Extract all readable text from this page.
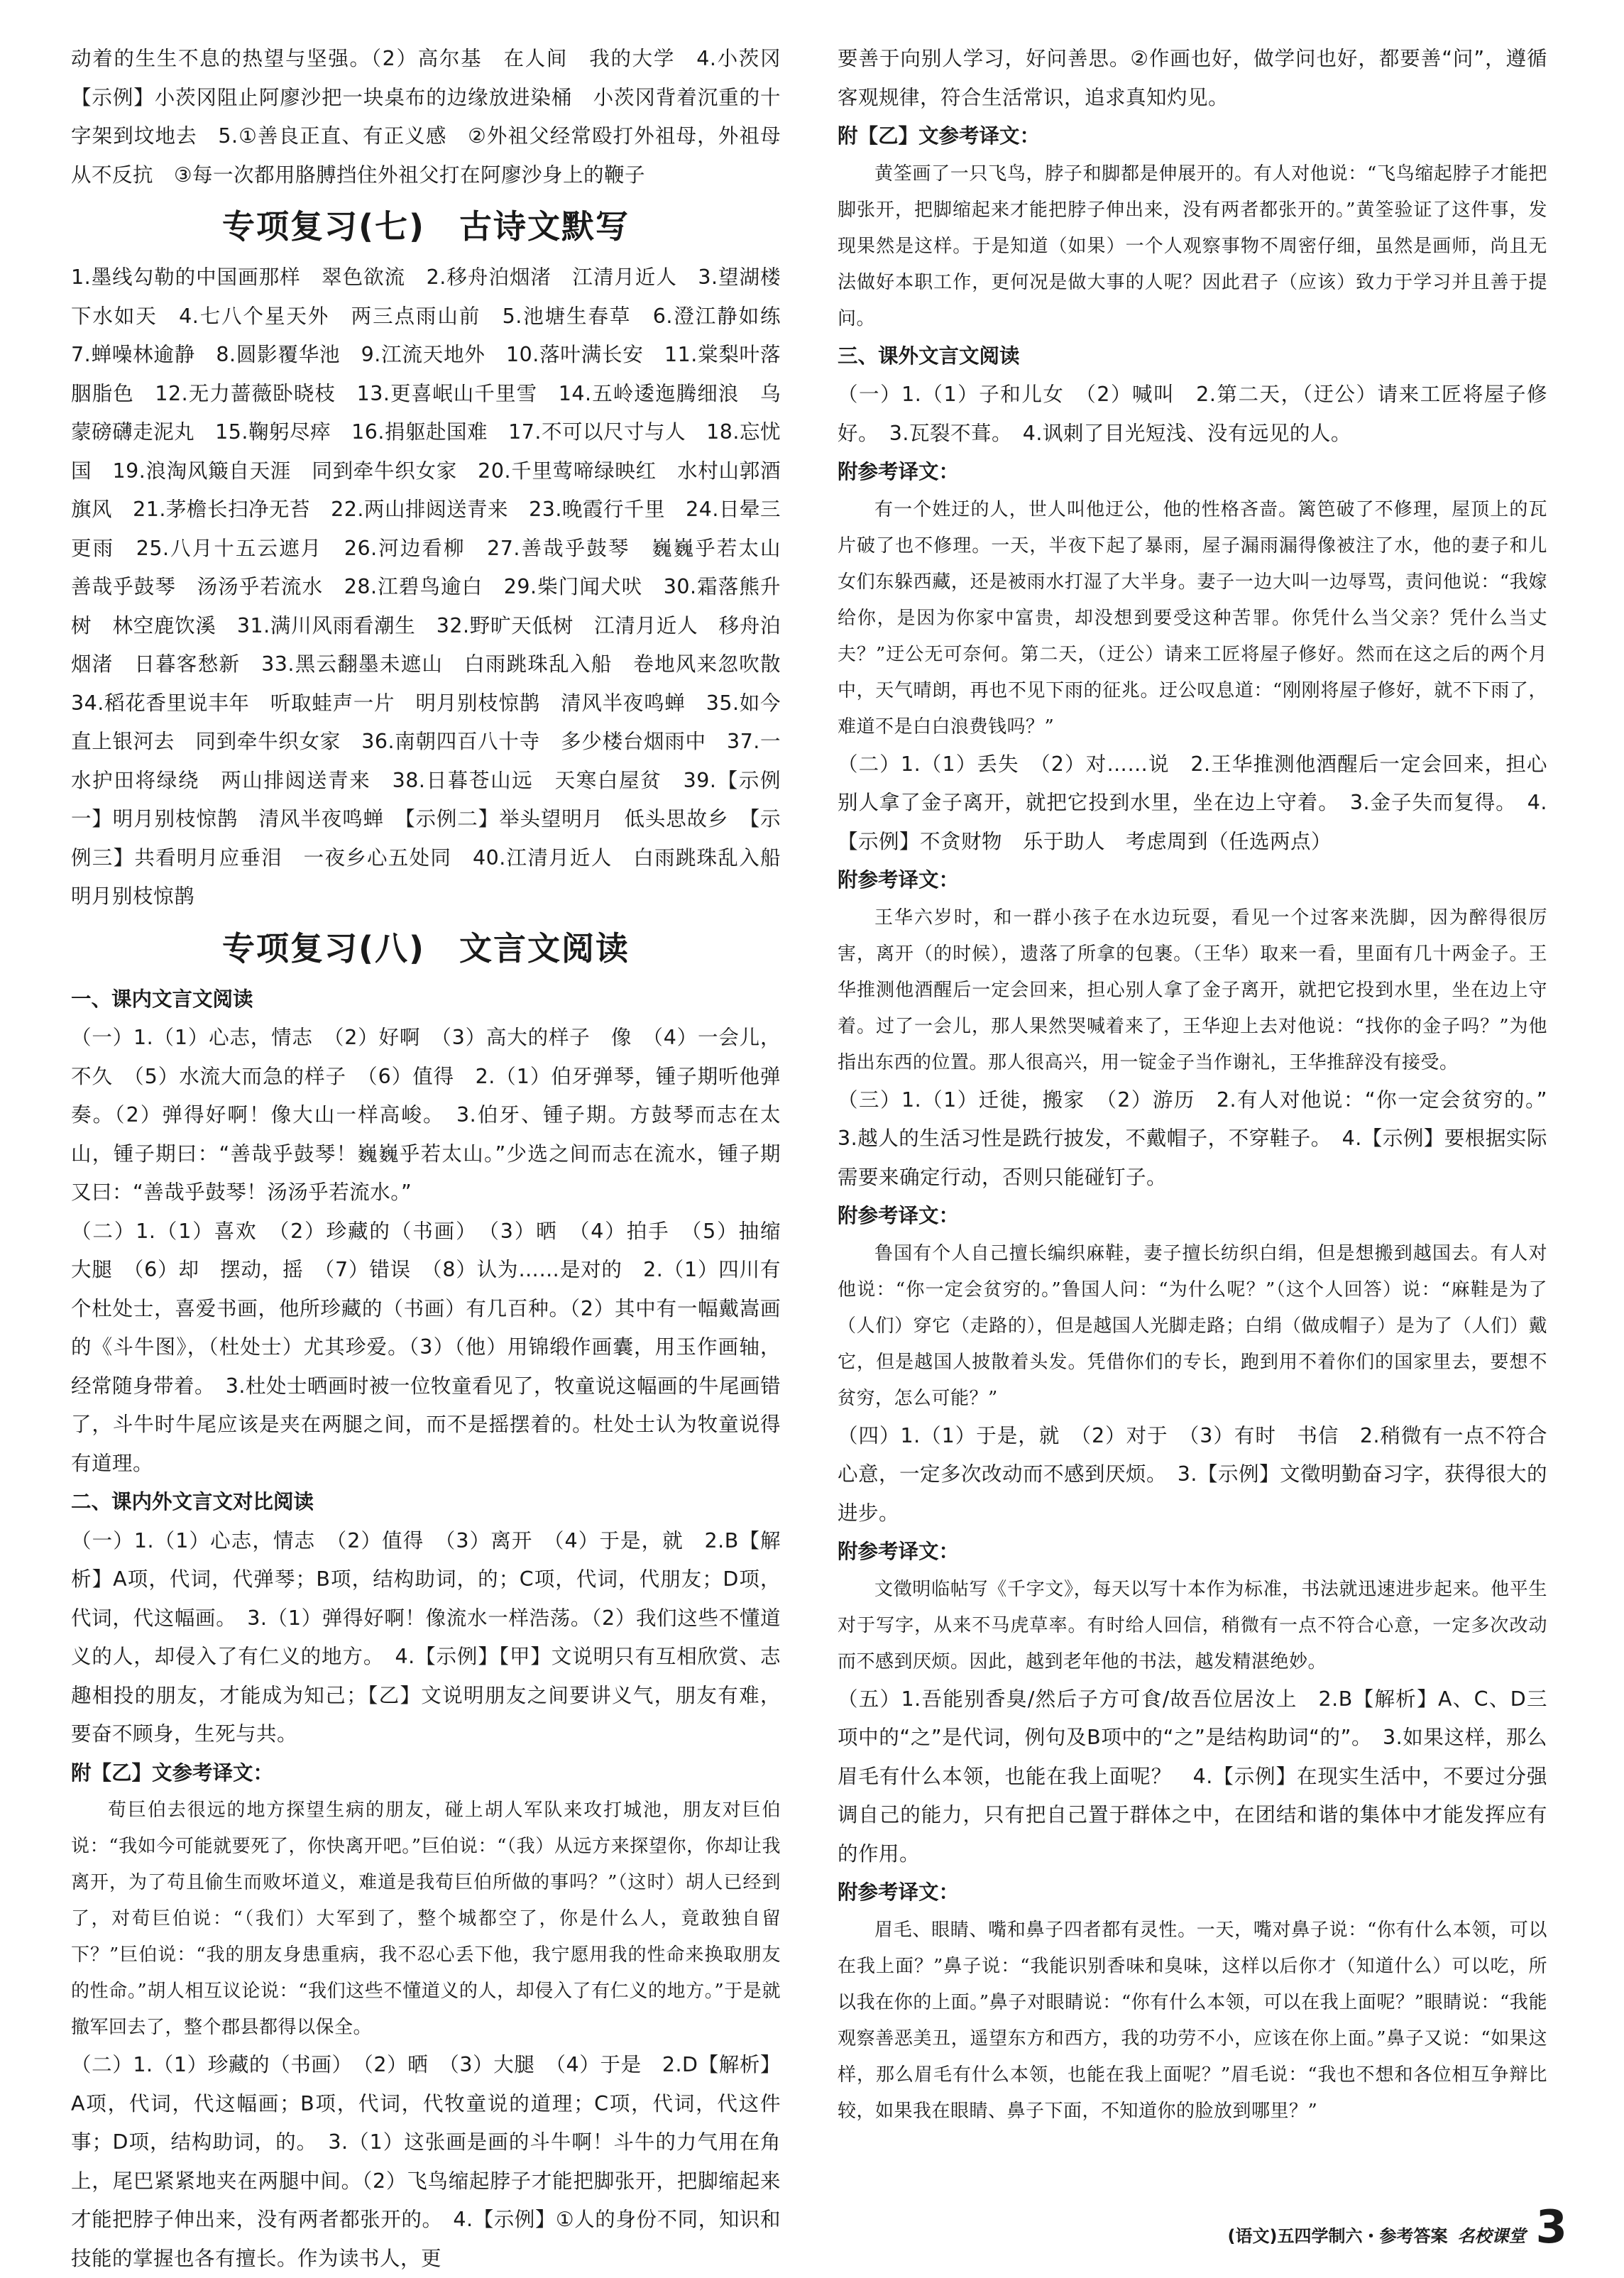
动着的生生不息的热望与坚强。（2）高尔基　在人间　我的大学　4.小茨冈　【示例】小茨冈阻止阿廖沙把一块桌布的边缘放进染桶　小茨冈背着沉重的十字架到坟地去　5.①善良正直、有正义感　②外祖父经常殴打外祖母，外祖母从不反抗　③每一次都用胳膊挡住外祖父打在阿廖沙身上的鞭子

专项复习(七)　古诗文默写

1.墨线勾勒的中国画那样　翠色欲流　2.移舟泊烟渚　江清月近人　3.望湖楼下水如天　4.七八个星天外　两三点雨山前　5.池塘生春草　6.澄江静如练　7.蝉噪林逾静　8.圆影覆华池　9.江流天地外　10.落叶满长安　11.棠梨叶落胭脂色　12.无力蔷薇卧晓枝　13.更喜岷山千里雪　14.五岭逶迤腾细浪　乌蒙磅礴走泥丸　15.鞠躬尽瘁　16.捐躯赴国难　17.不可以尺寸与人　18.忘忧国　19.浪淘风簸自天涯　同到牵牛织女家　20.千里莺啼绿映红　水村山郭酒旗风　21.茅檐长扫净无苔　22.两山排闼送青来　23.晚霞行千里　24.日晕三更雨　25.八月十五云遮月　26.河边看柳　27.善哉乎鼓琴　巍巍乎若太山　善哉乎鼓琴　汤汤乎若流水　28.江碧鸟逾白　29.柴门闻犬吠　30.霜落熊升树　林空鹿饮溪　31.满川风雨看潮生　32.野旷天低树　江清月近人　移舟泊烟渚　日暮客愁新　33.黑云翻墨未遮山　白雨跳珠乱入船　卷地风来忽吹散　34.稻花香里说丰年　听取蛙声一片　明月别枝惊鹊　清风半夜鸣蝉　35.如今直上银河去　同到牵牛织女家　36.南朝四百八十寺　多少楼台烟雨中　37.一水护田将绿绕　两山排闼送青来　38.日暮苍山远　天寒白屋贫　39.【示例一】明月别枝惊鹊　清风半夜鸣蝉　【示例二】举头望明月　低头思故乡　【示例三】共看明月应垂泪　一夜乡心五处同　40.江清月近人　白雨跳珠乱入船　明月别枝惊鹊

专项复习(八)　文言文阅读
一、课内文言文阅读

（一）1.（1）心志，情志　（2）好啊　（3）高大的样子　像　（4）一会儿，不久　（5）水流大而急的样子　（6）值得　2.（1）伯牙弹琴，锺子期听他弹奏。（2）弹得好啊！像大山一样高峻。　3.伯牙、锺子期。方鼓琴而志在太山，锺子期曰：“善哉乎鼓琴！巍巍乎若太山。”少选之间而志在流水，锺子期又曰：“善哉乎鼓琴！汤汤乎若流水。”

（二）1.（1）喜欢　（2）珍藏的（书画）　（3）晒　（4）拍手　（5）抽缩　大腿　（6）却　摆动，摇　（7）错误　（8）认为……是对的　2.（1）四川有个杜处士，喜爱书画，他所珍藏的（书画）有几百种。（2）其中有一幅戴嵩画的《斗牛图》，（杜处士）尤其珍爱。（3）（他）用锦缎作画囊，用玉作画轴，经常随身带着。　3.杜处士晒画时被一位牧童看见了，牧童说这幅画的牛尾画错了，斗牛时牛尾应该是夹在两腿之间，而不是摇摆着的。杜处士认为牧童说得有道理。

二、课内外文言文对比阅读

（一）1.（1）心志，情志　（2）值得　（3）离开　（4）于是，就　2.B【解析】A项，代词，代弹琴；B项，结构助词，的；C项，代词，代朋友；D项，代词，代这幅画。　3.（1）弹得好啊！像流水一样浩荡。（2）我们这些不懂道义的人，却侵入了有仁义的地方。　4.【示例】【甲】文说明只有互相欣赏、志趣相投的朋友，才能成为知己；【乙】文说明朋友之间要讲义气，朋友有难，要奋不顾身，生死与共。

附【乙】文参考译文：

荀巨伯去很远的地方探望生病的朋友，碰上胡人军队来攻打城池，朋友对巨伯说：“我如今可能就要死了，你快离开吧。”巨伯说：“（我）从远方来探望你，你却让我离开，为了苟且偷生而败坏道义，难道是我荀巨伯所做的事吗？”（这时）胡人已经到了，对荀巨伯说：“（我们）大军到了，整个城都空了，你是什么人，竟敢独自留下？”巨伯说：“我的朋友身患重病，我不忍心丢下他，我宁愿用我的性命来换取朋友的性命。”胡人相互议论说：“我们这些不懂道义的人，却侵入了有仁义的地方。”于是就撤军回去了，整个郡县都得以保全。

（二）1.（1）珍藏的（书画）　（2）晒　（3）大腿　（4）于是　2.D【解析】A项，代词，代这幅画；B项，代词，代牧童说的道理；C项，代词，代这件事；D项，结构助词，的。　3.（1）这张画是画的斗牛啊！斗牛的力气用在角上，尾巴紧紧地夹在两腿中间。（2）飞鸟缩起脖子才能把脚张开，把脚缩起来才能把脖子伸出来，没有两者都张开的。　4.【示例】①人的身份不同，知识和技能的掌握也各有擅长。作为读书人，更

要善于向别人学习，好问善思。②作画也好，做学问也好，都要善“问”，遵循客观规律，符合生活常识，追求真知灼见。

附【乙】文参考译文：

黄筌画了一只飞鸟，脖子和脚都是伸展开的。有人对他说：“飞鸟缩起脖子才能把脚张开，把脚缩起来才能把脖子伸出来，没有两者都张开的。”黄筌验证了这件事，发现果然是这样。于是知道（如果）一个人观察事物不周密仔细，虽然是画师，尚且无法做好本职工作，更何况是做大事的人呢？因此君子（应该）致力于学习并且善于提问。

三、课外文言文阅读

（一）1.（1）子和儿女　（2）喊叫　2.第二天，（迂公）请来工匠将屋子修好。　3.瓦裂不葺。　4.讽刺了目光短浅、没有远见的人。

附参考译文：

有一个姓迂的人，世人叫他迂公，他的性格吝啬。篱笆破了不修理，屋顶上的瓦片破了也不修理。一天，半夜下起了暴雨，屋子漏雨漏得像被注了水，他的妻子和儿女们东躲西藏，还是被雨水打湿了大半身。妻子一边大叫一边辱骂，责问他说：“我嫁给你，是因为你家中富贵，却没想到要受这种苦罪。你凭什么当父亲？凭什么当丈夫？”迂公无可奈何。第二天，（迂公）请来工匠将屋子修好。然而在这之后的两个月中，天气晴朗，再也不见下雨的征兆。迂公叹息道：“刚刚将屋子修好，就不下雨了，难道不是白白浪费钱吗？”

（二）1.（1）丢失　（2）对……说　2.王华推测他酒醒后一定会回来，担心别人拿了金子离开，就把它投到水里，坐在边上守着。　3.金子失而复得。　4.【示例】不贪财物　乐于助人　考虑周到（任选两点）

附参考译文：

王华六岁时，和一群小孩子在水边玩耍，看见一个过客来洗脚，因为醉得很厉害，离开（的时候），遗落了所拿的包裹。（王华）取来一看，里面有几十两金子。王华推测他酒醒后一定会回来，担心别人拿了金子离开，就把它投到水里，坐在边上守着。过了一会儿，那人果然哭喊着来了，王华迎上去对他说：“找你的金子吗？”为他指出东西的位置。那人很高兴，用一锭金子当作谢礼，王华推辞没有接受。

（三）1.（1）迁徙，搬家　（2）游历　2.有人对他说：“你一定会贫穷的。”　3.越人的生活习性是跣行披发，不戴帽子，不穿鞋子。　4.【示例】要根据实际需要来确定行动，否则只能碰钉子。

附参考译文：

鲁国有个人自己擅长编织麻鞋，妻子擅长纺织白绢，但是想搬到越国去。有人对他说：“你一定会贫穷的。”鲁国人问：“为什么呢？”（这个人回答）说：“麻鞋是为了（人们）穿它（走路的），但是越国人光脚走路；白绢（做成帽子）是为了（人们）戴它，但是越国人披散着头发。凭借你们的专长，跑到用不着你们的国家里去，要想不贫穷，怎么可能？”

（四）1.（1）于是，就　（2）对于　（3）有时　书信　2.稍微有一点不符合心意，一定多次改动而不感到厌烦。　3.【示例】文徵明勤奋习字，获得很大的进步。

附参考译文：

文徵明临帖写《千字文》，每天以写十本作为标准，书法就迅速进步起来。他平生对于写字，从来不马虎草率。有时给人回信，稍微有一点不符合心意，一定多次改动而不感到厌烦。因此，越到老年他的书法，越发精湛绝妙。

（五）1.吾能别香臭/然后子方可食/故吾位居汝上　2.B【解析】A、C、D三项中的“之”是代词，例句及B项中的“之”是结构助词“的”。　3.如果这样，那么眉毛有什么本领，也能在我上面呢？　4.【示例】在现实生活中，不要过分强调自己的能力，只有把自己置于群体之中，在团结和谐的集体中才能发挥应有的作用。

附参考译文：

眉毛、眼睛、嘴和鼻子四者都有灵性。一天，嘴对鼻子说：“你有什么本领，可以在我上面？”鼻子说：“我能识别香味和臭味，这样以后你才（知道什么）可以吃，所以我在你的上面。”鼻子对眼睛说：“你有什么本领，可以在我上面呢？”眼睛说：“我能观察善恶美丑，遥望东方和西方，我的功劳不小，应该在你上面。”鼻子又说：“如果这样，那么眉毛有什么本领，也能在我上面呢？”眉毛说：“我也不想和各位相互争辩比较，如果我在眼睛、鼻子下面，不知道你的脸放到哪里？”

(语文)五四学制六・参考答案 名校课堂 3
